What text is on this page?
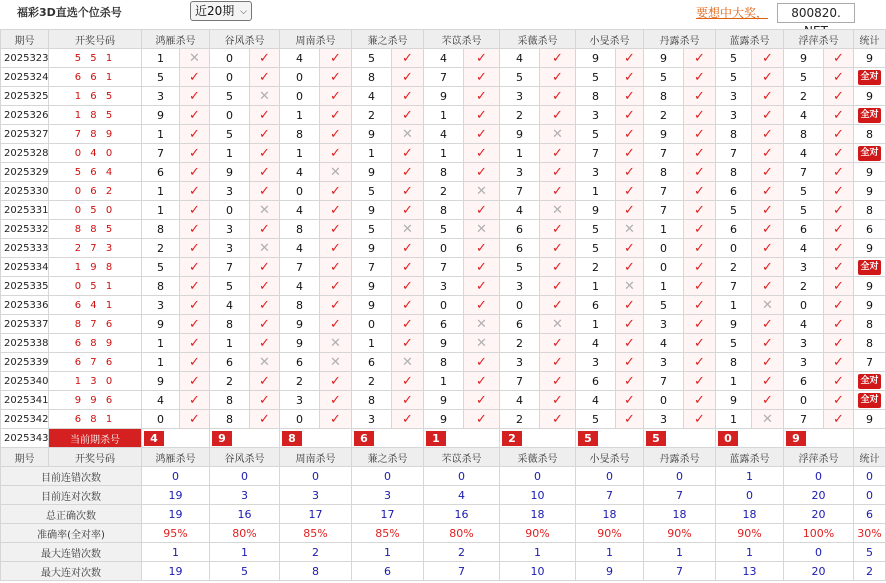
福彩3D直选个位杀号	近20期 ⌵	要想中大奖，	800820.
期号	开奖号码	鸿雁杀号		谷风杀号		周南杀号		蒹之杀号		芣苡杀号		采薇杀号		小旻杀号		丹露杀号		蓝露杀号		浮萍杀号		统计
2025323	5 5 1	1	✕	0	✓	4	✓	5	✓	4	✓	4	✓	9	✓	9	✓	5	✓	9	✓	9
2025324	6 6 1	5	✓	0	✓	0	✓	8	✓	7	✓	5	✓	5	✓	5	✓	5	✓	5	✓	全对
2025325	1 6 5	3	✓	5	✕	0	✓	4	✓	9	✓	3	✓	8	✓	8	✓	3	✓	2	✓	9
2025326	1 8 5	9	✓	0	✓	1	✓	2	✓	1	✓	2	✓	3	✓	2	✓	3	✓	4	✓	全对
2025327	7 8 9	1	✓	5	✓	8	✓	9	✕	4	✓	9	✕	5	✓	9	✓	8	✓	8	✓	8
2025328	0 4 0	7	✓	1	✓	1	✓	1	✓	1	✓	1	✓	7	✓	7	✓	7	✓	4	✓	全对
2025329	5 6 4	6	✓	9	✓	4	✕	9	✓	8	✓	3	✓	3	✓	8	✓	8	✓	7	✓	9
2025330	0 6 2	1	✓	3	✓	0	✓	5	✓	2	✕	7	✓	1	✓	7	✓	6	✓	5	✓	9
2025331	0 5 0	1	✓	0	✕	4	✓	9	✓	8	✓	4	✕	9	✓	7	✓	5	✓	5	✓	8
2025332	8 8 5	8	✓	3	✓	8	✓	5	✕	5	✕	6	✓	5	✕	1	✓	6	✓	6	✓	6
2025333	2 7 3	2	✓	3	✕	4	✓	9	✓	0	✓	6	✓	5	✓	0	✓	0	✓	4	✓	9
2025334	1 9 8	5	✓	7	✓	7	✓	7	✓	7	✓	5	✓	2	✓	0	✓	2	✓	3	✓	全对
2025335	0 5 1	8	✓	5	✓	4	✓	9	✓	3	✓	3	✓	1	✕	1	✓	7	✓	2	✓	9
2025336	6 4 1	3	✓	4	✓	8	✓	9	✓	0	✓	0	✓	6	✓	5	✓	1	✕	0	✓	9
2025337	8 7 6	9	✓	8	✓	9	✓	0	✓	6	✕	6	✕	1	✓	3	✓	9	✓	4	✓	8
2025338	6 8 9	1	✓	1	✓	9	✕	1	✓	9	✕	2	✓	4	✓	4	✓	5	✓	3	✓	8
2025339	6 7 6	1	✓	6	✕	6	✕	6	✕	8	✓	3	✓	3	✓	3	✓	8	✓	3	✓	7
2025340	1 3 0	9	✓	2	✓	2	✓	2	✓	1	✓	7	✓	6	✓	7	✓	1	✓	6	✓	全对
2025341	9 9 6	4	✓	8	✓	3	✓	8	✓	9	✓	4	✓	4	✓	0	✓	9	✓	0	✓	全对
2025342	6 8 1	0	✓	8	✓	0	✓	3	✓	9	✓	2	✓	5	✓	3	✓	1	✕	7	✓	9
2025343	当前期杀号	4		9		8		6		1		2		5		5		0		9		
期号	开奖号码	鸿雁杀号		谷风杀号		周南杀号		蒹之杀号		芣苡杀号		采薇杀号		小旻杀号		丹露杀号		蓝露杀号		浮萍杀号		统计
目前连错次数		0		0		0		0		0		0		0		0		1		0		0
目前连对次数		19		3		3		3		4		10		7		7		0		20		0
总正确次数		19		16		17		17		16		18		18		18		18		20		6
准确率(全对率)		95%		80%		85%		85%		80%		90%		90%		90%		90%		100%		30%
最大连错次数		1		1		2		1		2		1		1		1		1		0		5
最大连对次数		19		5		8		6		7		10		9		7		13		20		2
